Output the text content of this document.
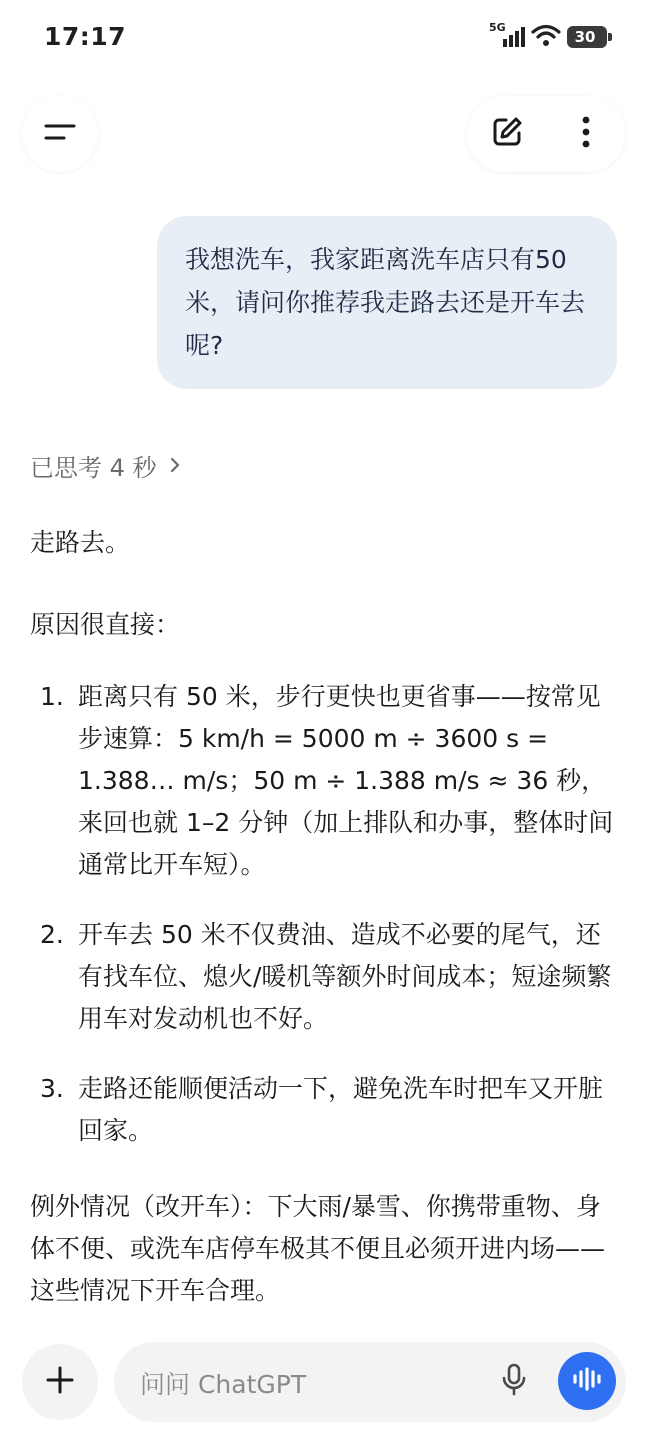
17:17	5G
30
我想洗车，我家距离洗车店只有50米，请问你推荐我走路去还是开车去呢?
已思考 4 秒

走路去。

原因很直接：

1. 距离只有 50 米，步行更快也更省事——按常见步速算：5 km/h = 5000 m ÷ 3600 s = 1.388… m/s；50 m ÷ 1.388 m/s ≈ 36 秒，来回也就 1–2 分钟（加上排队和办事，整体时间通常比开车短）。
2. 开车去 50 米不仅费油、造成不必要的尾气，还有找车位、熄火/暖机等额外时间成本；短途频繁用车对发动机也不好。
3. 走路还能顺便活动一下，避免洗车时把车又开脏回家。

例外情况（改开车）：下大雨/暴雪、你携带重物、身体不便、或洗车店停车极其不便且必须开进内场——这些情况下开车合理。

问问 ChatGPT
